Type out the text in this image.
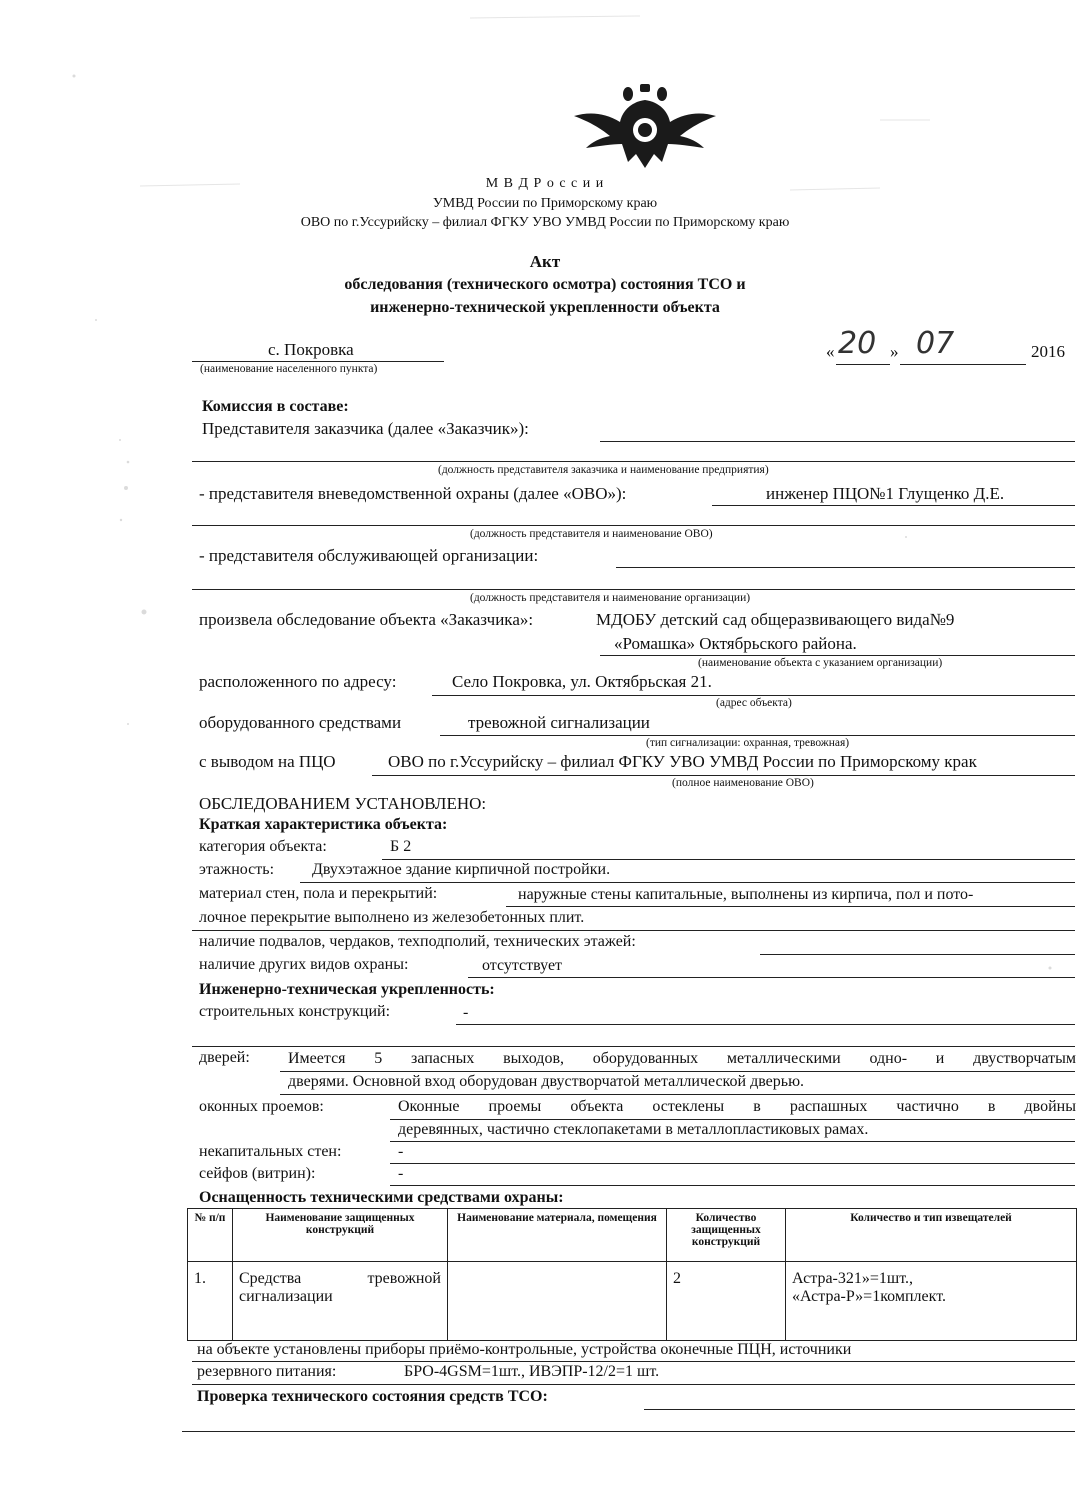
М В Д Р о с с и и
УМВД России по Приморскому краю
ОВО по г.Уссурийску – филиал ФГКУ УВО УМВД России по Приморскому краю
Акт
обследования (технического осмотра) состояния ТСО и
инженерно-технической укрепленности объекта
с. Покровка
(наименование населенного пункта)
« 20 » 07	2016
Комиссия в составе:
Представителя заказчика (далее «Заказчик»):
(должность представителя заказчика и наименование предприятия)
- представителя вневедомственной охраны (далее «ОВО»):	инженер ПЦО№1 Глущенко Д.Е.
(должность представителя и наименование ОВО)
- представителя обслуживающей организации:
(должность представителя и наименование организации)
произвела обследование объекта «Заказчика»:	МДОБУ детский сад общеразвивающего вида№9
«Ромашка» Октябрьского района.
(наименование объекта с указанием организации)
расположенного по адресу:	Село Покровка, ул. Октябрьская 21.
(адрес объекта)
оборудованного средствами	тревожной сигнализации
(тип сигнализации: охранная, тревожная)
с выводом на ПЦО	ОВО по г.Уссурийску – филиал ФГКУ УВО УМВД России по Приморскому крак
(полное наименование ОВО)
ОБСЛЕДОВАНИЕМ УСТАНОВЛЕНО:
Краткая характеристика объекта:
категория объекта:	Б 2
этажность: Двухэтажное здание кирпичной постройки.
материал стен, пола и перекрытий:	наружные стены капитальные, выполнены из кирпича, пол и пото-
лочное перекрытие выполнено из железобетонных плит.
наличие подвалов, чердаков, техподполий, технических этажей:
наличие других видов охраны:	отсутствует
Инженерно-техническая укрепленность:
строительных конструкций:	-
дверей: Имеется 5 запасных выходов, оборудованных металлическими одно- и двустворчатым
дверями. Основной вход оборудован двустворчатой металлической дверью.
оконных проемов:	Оконные проемы объекта остеклены в распашных частично в двойны
деревянных, частично стеклопакетами в металлопластиковых рамах.
некапитальных стен:	-
сейфов (витрин):	-
Оснащенность техническими средствами охраны:
№ п/п	Наименование защищенных конструкций	Наименование материала, помещения	Количество защищенных конструкций	Количество и тип извещателей
1.	Средства тревожной сигнализации		2	Астра-321»=1шт.,
«Астра-Р»=1комплект.
на объекте установлены приборы приёмо-контрольные, устройства оконечные ПЦН, источники
резервного питания:	БРО-4GSM=1шт., ИВЭПР-12/2=1 шт.
Проверка технического состояния средств ТСО:
